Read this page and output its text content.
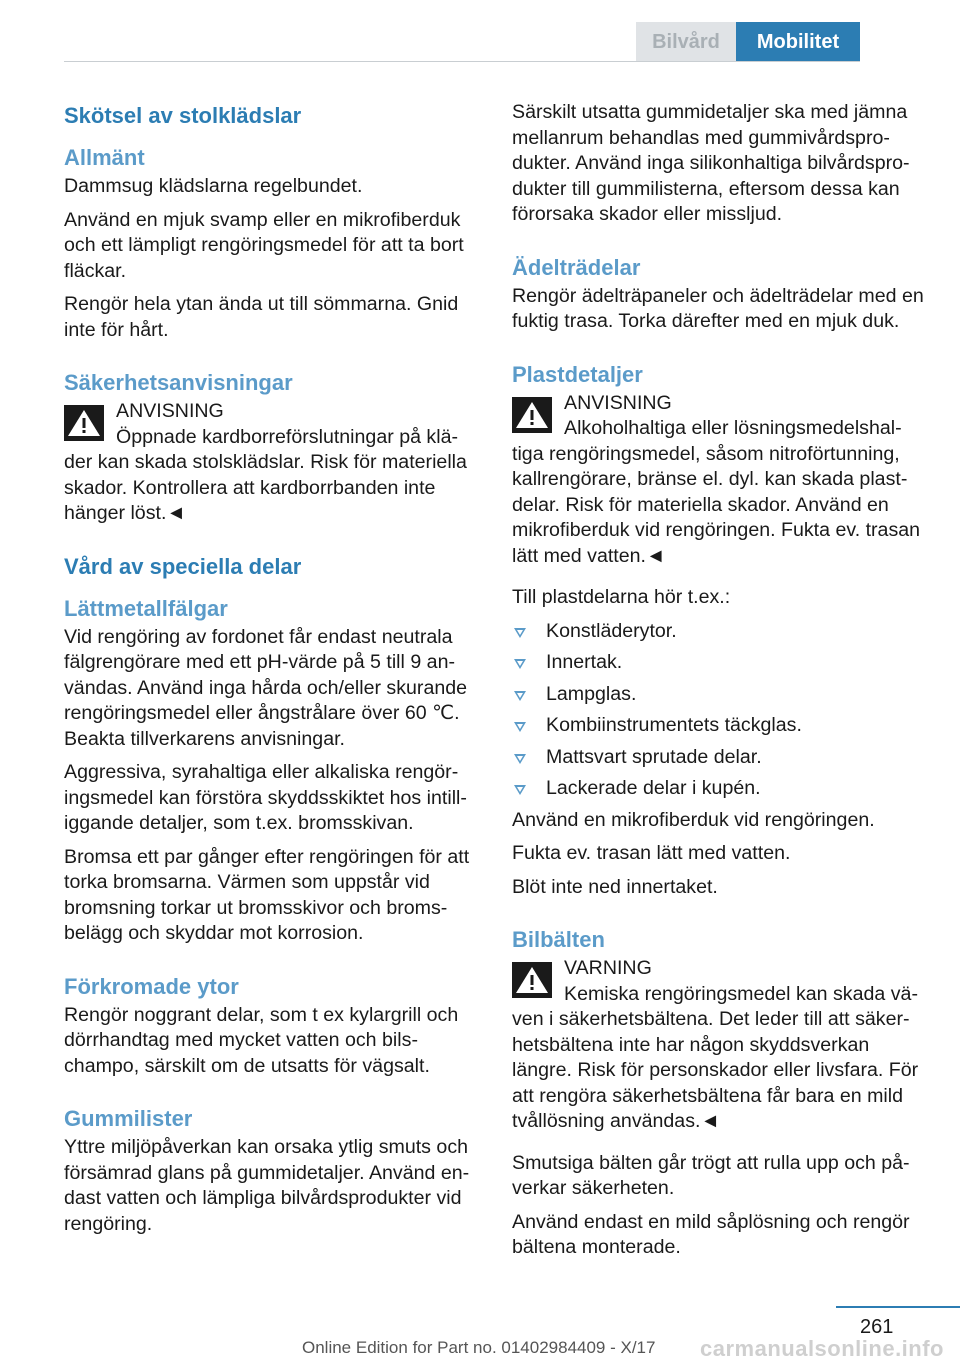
Bilvård	Mobilitet
Skötsel av stolklädslar
Allmänt

Dammsug klädslarna regelbundet.

Använd en mjuk svamp eller en mikrofiberduk och ett lämpligt rengöringsmedel för att ta bort fläckar.

Rengör hela ytan ända ut till sömmarna. Gnid inte för hårt.

Säkerhetsanvisningar

ANVISNING

Öppnade kardborreförslutningar på kläder kan skada stolsklädslar. Risk för materiella skador. Kontrollera att kardborrbanden inte hänger löst.◄

Vård av speciella delar
Lättmetallfälgar

Vid rengöring av fordonet får endast neutrala fälgrengörare med ett pH-värde på 5 till 9 användas. Använd inga hårda och/eller skurande rengöringsmedel eller ångstrålare över 60 ℃. Beakta tillverkarens anvisningar.

Aggressiva, syrahaltiga eller alkaliska rengöringsmedel kan förstöra skyddsskiktet hos intilliggande detaljer, som t.ex. bromsskivan.

Bromsa ett par gånger efter rengöringen för att torka bromsarna. Värmen som uppstår vid bromsning torkar ut bromsskivor och bromsbelägg och skyddar mot korrosion.

Förkromade ytor

Rengör noggrant delar, som t ex kylargrill och dörrhandtag med mycket vatten och bilschampo, särskilt om de utsatts för vägsalt.

Gummilister

Yttre miljöpåverkan kan orsaka ytlig smuts och försämrad glans på gummidetaljer. Använd endast vatten och lämpliga bilvårdsprodukter vid rengöring.

Särskilt utsatta gummidetaljer ska med jämna mellanrum behandlas med gummivårdsprodukter. Använd inga silikonhaltiga bilvårdsprodukter till gummilisterna, eftersom dessa kan förorsaka skador eller missljud.

Ädelträdelar

Rengör ädelträpaneler och ädelträdelar med en fuktig trasa. Torka därefter med en mjuk duk.

Plastdetaljer

ANVISNING

Alkoholhaltiga eller lösningsmedelshaltiga rengöringsmedel, såsom nitroförtunning, kallrengörare, bränse el. dyl. kan skada plastdelar. Risk för materiella skador. Använd en mikrofiberduk vid rengöringen. Fukta ev. trasan lätt med vatten.◄

Till plastdelarna hör t.ex.:

Konstläderytor.
Innertak.
Lampglas.
Kombiinstrumentets täckglas.
Mattsvart sprutade delar.
Lackerade delar i kupén.

Använd en mikrofiberduk vid rengöringen.

Fukta ev. trasan lätt med vatten.

Blöt inte ned innertaket.

Bilbälten

VARNING

Kemiska rengöringsmedel kan skada väven i säkerhetsbältena. Det leder till att säkerhetsbältena inte har någon skyddsverkan längre. Risk för personskador eller livsfara. För att rengöra säkerhetsbältena får bara en mild tvållösning användas.◄

Smutsiga bälten går trögt att rulla upp och påverkar säkerheten.

Använd endast en mild såplösning och rengör bältena monterade.

261
Online Edition for Part no. 01402984409 - X/17 carmanualsonline.info
